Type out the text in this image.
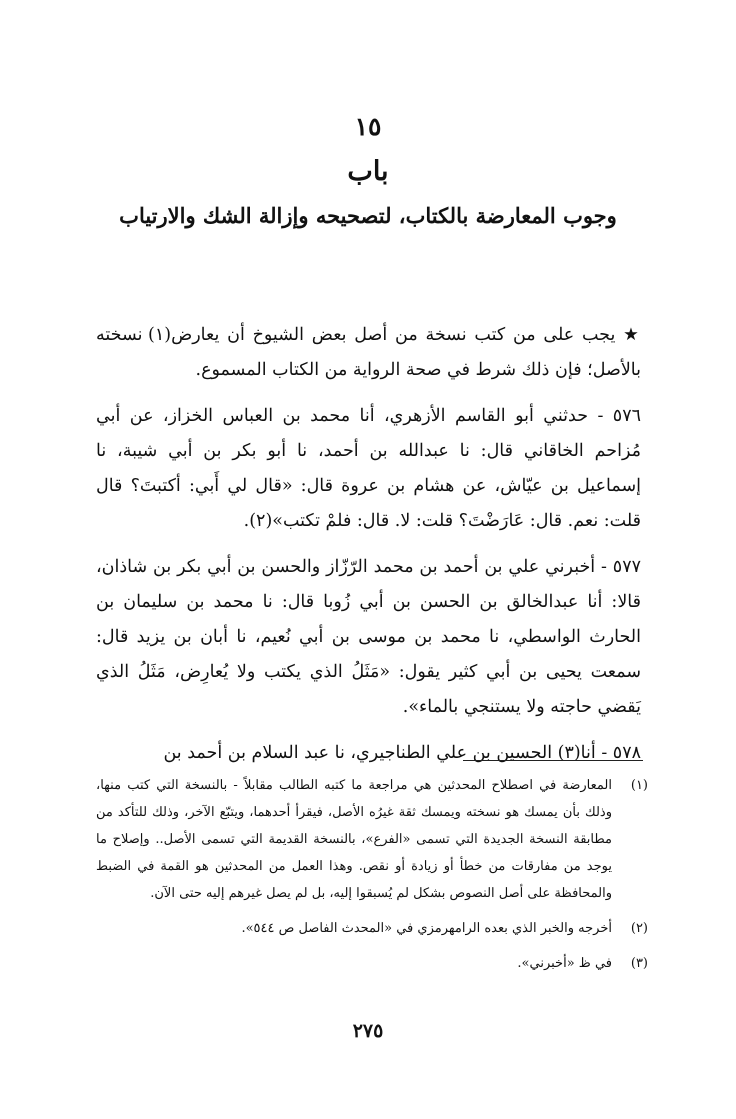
١٥
باب
وجوب المعارضة بالكتاب، لتصحيحه وإزالة الشك والارتياب

★ يجب على من كتب نسخة من أصل بعض الشيوخ أن يعارض(١) نسخته بالأصل؛ فإن ذلك شرط في صحة الرواية من الكتاب المسموع.

٥٧٦ - حدثني أبو القاسم الأزهري، أنا محمد بن العباس الخزاز، عن أبي مُزاحم الخاقاني قال: نا عبدالله بن أحمد، نا أبو بكر بن أبي شيبة، نا إسماعيل بن عيّاش، عن هشام بن عروة قال: «قال لي أَبي: أكتبتَ؟ قال قلت: نعم. قال: عَارَضْتَ؟ قلت: لا. قال: فلمْ تكتب»(٢).

٥٧٧ - أخبرني علي بن أحمد بن محمد الرّزّاز والحسن بن أبي بكر بن شاذان، قالا: أنا عبدالخالق بن الحسن بن أبي زُوبا قال: نا محمد بن سليمان بن الحارث الواسطي، نا محمد بن موسى بن أبي نُعيم، نا أبان بن يزيد قال: سمعت يحيى بن أبي كثير يقول: «مَثَلُ الذي يكتب ولا يُعارِض، مَثَلُ الذي يَقضي حاجته ولا يستنجي بالماء».

٥٧٨ - أنا(٣) الحسين بن علي الطناجيري، نا عبد السلام بن أحمد بن

(١)
المعارضة في اصطلاح المحدثين هي مراجعة ما كتبه الطالب مقابلاً - بالنسخة التي كتب منها، وذلك بأن يمسك هو نسخته ويمسك ثقة غيرُه الأصل، فيقرأ أحدهما، ويتبّع الآخر، وذلك للتأكد من مطابقة النسخة الجديدة التي تسمى «الفرع»، بالنسخة القديمة التي تسمى الأصل.. وإصلاح ما يوجد من مفارقات من خطأ أو زيادة أو نقص. وهذا العمل من المحدثين هو القمة في الضبط والمحافظة على أصل النصوص بشكل لم يُسبقوا إليه، بل لم يصل غيرهم إليه حتى الآن.
(٢)
أخرجه والخبر الذي بعده الرامهرمزي في «المحدث الفاصل ص ٥٤٤».
(٣)
في ظ «أخبرني».
٢٧٥
